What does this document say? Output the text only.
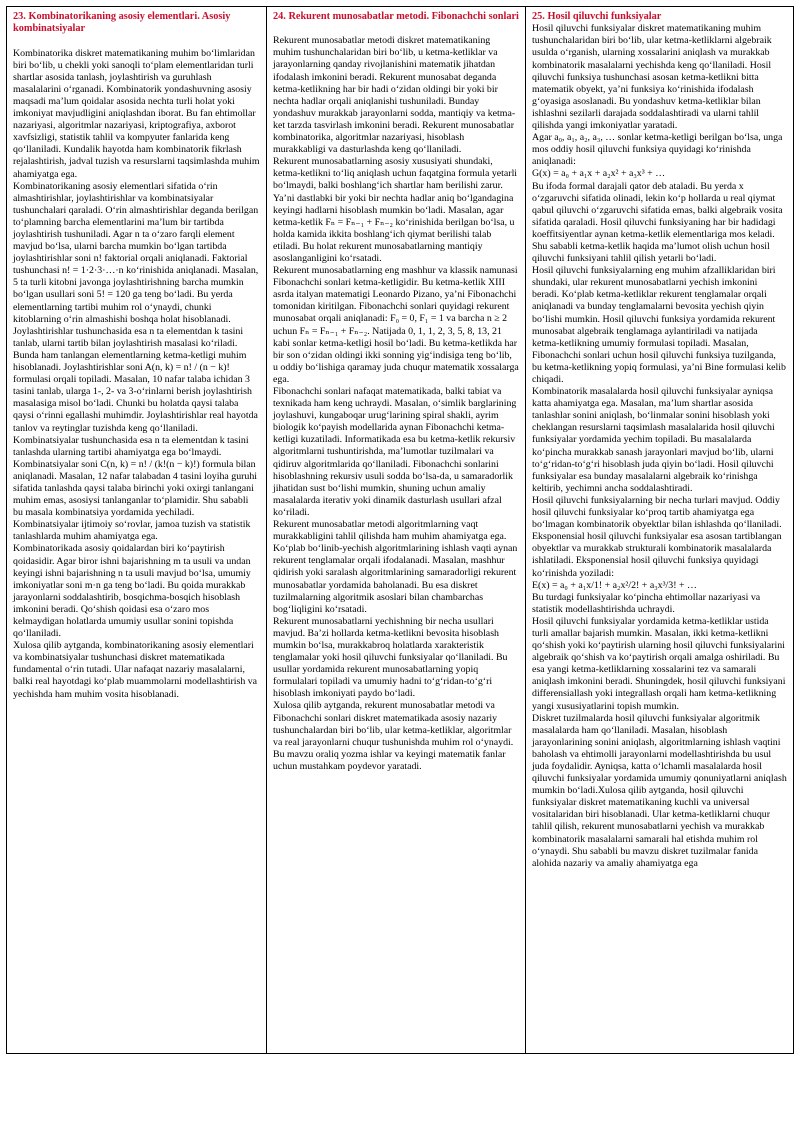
23. Kombinatorikaning asosiy elementlari. Asosiy kombinatsiyalar

Kombinatorika diskret matematikaning muhim boʻlimlaridan biri boʻlib, u chekli yoki sanoqli toʻplam elementlaridan turli shartlar asosida tanlash, joylashtirish va guruhlash masalalarini oʻrganadi. Kombinatorik yondashuvning asosiy maqsadi maʼlum qoidalar asosida nechta turli holat yoki imkoniyat mavjudligini aniqlashdan iborat. Bu fan ehtimollar nazariyasi, algoritmlar nazariyasi, kriptografiya, axborot xavfsizligi, statistik tahlil va kompyuter fanlarida keng qoʻllaniladi. Kundalik hayotda ham kombinatorik fikrlash rejalashtirish, jadval tuzish va resurslarni taqsimlashda muhim ahamiyatga ega.

Kombinatorikaning asosiy elementlari sifatida oʻrin almashtirishlar, joylashtirishlar va kombinatsiyalar tushunchalari qaraladi. Oʻrin almashtirishlar deganda berilgan toʻplamning barcha elementlarini maʼlum bir tartibda joylashtirish tushuniladi. Agar n ta oʻzaro farqli element mavjud boʻlsa, ularni barcha mumkin boʻlgan tartibda joylashtirishlar soni n! faktorial orqali aniqlanadi. Faktorial tushunchasi n! = 1·2·3·…·n koʻrinishida aniqlanadi. Masalan, 5 ta turli kitobni javonga joylashtirishning barcha mumkin boʻlgan usullari soni 5! = 120 ga teng boʻladi. Bu yerda elementlarning tartibi muhim rol oʻynaydi, chunki kitoblarning oʻrin almashishi boshqa holat hisoblanadi.

Joylashtirishlar tushunchasida esa n ta elementdan k tasini tanlab, ularni tartib bilan joylashtirish masalasi koʻriladi. Bunda ham tanlangan elementlarning ketma-ketligi muhim hisoblanadi. Joylashtirishlar soni A(n, k) = n! / (n − k)! formulasi orqali topiladi. Masalan, 10 nafar talaba ichidan 3 tasini tanlab, ularga 1-, 2- va 3-oʻrinlarni berish joylashtirish masalasiga misol boʻladi. Chunki bu holatda qaysi talaba qaysi oʻrinni egallashi muhimdir. Joylashtirishlar real hayotda tanlov va reytinglar tuzishda keng qoʻllaniladi.

Kombinatsiyalar tushunchasida esa n ta elementdan k tasini tanlashda ularning tartibi ahamiyatga ega boʻlmaydi. Kombinatsiyalar soni C(n, k) = n! / (k!(n − k)!) formula bilan aniqlanadi. Masalan, 12 nafar talabadan 4 tasini loyiha guruhi sifatida tanlashda qaysi talaba birinchi yoki oxirgi tanlangani muhim emas, asosiysi tanlanganlar toʻplamidir. Shu sababli bu masala kombinatsiya yordamida yechiladi. Kombinatsiyalar ijtimoiy soʻrovlar, jamoa tuzish va statistik tanlashlarda muhim ahamiyatga ega.

Kombinatorikada asosiy qoidalardan biri koʻpaytirish qoidasidir. Agar biror ishni bajarishning m ta usuli va undan keyingi ishni bajarishning n ta usuli mavjud boʻlsa, umumiy imkoniyatlar soni m·n ga teng boʻladi. Bu qoida murakkab jarayonlarni soddalashtirib, bosqichma-bosqich hisoblash imkonini beradi. Qoʻshish qoidasi esa oʻzaro mos kelmaydigan holatlarda umumiy usullar sonini topishda qoʻllaniladi.

Xulosa qilib aytganda, kombinatorikaning asosiy elementlari va kombinatsiyalar tushunchasi diskret matematikada fundamental oʻrin tutadi. Ular nafaqat nazariy masalalarni, balki real hayotdagi koʻplab muammolarni modellashtirish va yechishda ham muhim vosita hisoblanadi.

24. Rekurent munosabatlar metodi. Fibonachchi sonlari

Rekurent munosabatlar metodi diskret matematikaning muhim tushunchalaridan biri boʻlib, u ketma-ketliklar va jarayonlarning qanday rivojlanishini matematik jihatdan ifodalash imkonini beradi. Rekurent munosabat deganda ketma-ketlikning har bir hadi oʻzidan oldingi bir yoki bir nechta hadlar orqali aniqlanishi tushuniladi. Bunday yondashuv murakkab jarayonlarni sodda, mantiqiy va ketma-ket tarzda tasvirlash imkonini beradi. Rekurent munosabatlar kombinatorika, algoritmlar nazariyasi, hisoblash murakkabligi va dasturlashda keng qoʻllaniladi.

Rekurent munosabatlarning asosiy xususiyati shundaki, ketma-ketlikni toʻliq aniqlash uchun faqatgina formula yetarli boʻlmaydi, balki boshlangʻich shartlar ham berilishi zarur. Yaʼni dastlabki bir yoki bir nechta hadlar aniq boʻlgandagina keyingi hadlarni hisoblash mumkin boʻladi. Masalan, agar ketma-ketlik Fₙ = Fₙ₋₁ + Fₙ₋₂ koʻrinishida berilgan boʻlsa, u holda kamida ikkita boshlangʻich qiymat berilishi talab etiladi. Bu holat rekurent munosabatlarning mantiqiy asoslanganligini koʻrsatadi.

Rekurent munosabatlarning eng mashhur va klassik namunasi Fibonachchi sonlari ketma-ketligidir. Bu ketma-ketlik XIII asrda italyan matematigi Leonardo Pizano, yaʼni Fibonachchi tomonidan kiritilgan. Fibonachchi sonlari quyidagi rekurent munosabat orqali aniqlanadi: F₀ = 0, F₁ = 1 va barcha n ≥ 2 uchun Fₙ = Fₙ₋₁ + Fₙ₋₂. Natijada 0, 1, 1, 2, 3, 5, 8, 13, 21 kabi sonlar ketma-ketligi hosil boʻladi. Bu ketma-ketlikda har bir son oʻzidan oldingi ikki sonning yigʻindisiga teng boʻlib, u oddiy boʻlishiga qaramay juda chuqur matematik xossalarga ega.

Fibonachchi sonlari nafaqat matematikada, balki tabiat va texnikada ham keng uchraydi. Masalan, oʻsimlik barglarining joylashuvi, kungaboqar urugʻlarining spiral shakli, ayrim biologik koʻpayish modellarida aynan Fibonachchi ketma-ketligi kuzatiladi. Informatikada esa bu ketma-ketlik rekursiv algoritmlarni tushuntirishda, maʼlumotlar tuzilmalari va qidiruv algoritmlarida qoʻllaniladi. Fibonachchi sonlarini hisoblashning rekursiv usuli sodda boʻlsa-da, u samaradorlik jihatidan sust boʻlishi mumkin, shuning uchun amaliy masalalarda iterativ yoki dinamik dasturlash usullari afzal koʻriladi.

Rekurent munosabatlar metodi algoritmlarning vaqt murakkabligini tahlil qilishda ham muhim ahamiyatga ega. Koʻplab boʻlinib-yechish algoritmlarining ishlash vaqti aynan rekurent tenglamalar orqali ifodalanadi. Masalan, mashhur qidirish yoki saralash algoritmlarining samaradorligi rekurent munosabatlar yordamida baholanadi. Bu esa diskret tuzilmalarning algoritmik asoslari bilan chambarchas bogʻliqligini koʻrsatadi.

Rekurent munosabatlarni yechishning bir necha usullari mavjud. Baʼzi hollarda ketma-ketlikni bevosita hisoblash mumkin boʻlsa, murakkabroq holatlarda xarakteristik tenglamalar yoki hosil qiluvchi funksiyalar qoʻllaniladi. Bu usullar yordamida rekurent munosabatlarning yopiq formulalari topiladi va umumiy hadni toʻgʻridan-toʻgʻri hisoblash imkoniyati paydo boʻladi.

Xulosa qilib aytganda, rekurent munosabatlar metodi va Fibonachchi sonlari diskret matematikada asosiy nazariy tushunchalardan biri boʻlib, ular ketma-ketliklar, algoritmlar va real jarayonlarni chuqur tushunishda muhim rol oʻynaydi. Bu mavzu oraliq yozma ishlar va keyingi matematik fanlar uchun mustahkam poydevor yaratadi.

25. Hosil qiluvchi funksiyalar

Hosil qiluvchi funksiyalar diskret matematikaning muhim tushunchalaridan biri boʻlib, ular ketma-ketliklarni algebraik usulda oʻrganish, ularning xossalarini aniqlash va murakkab kombinatorik masalalarni yechishda keng qoʻllaniladi. Hosil qiluvchi funksiya tushunchasi asosan ketma-ketlikni bitta matematik obyekt, yaʼni funksiya koʻrinishida ifodalash gʻoyasiga asoslanadi. Bu yondashuv ketma-ketliklar bilan ishlashni sezilarli darajada soddalashtiradi va ularni tahlil qilishda yangi imkoniyatlar yaratadi.

Agar a₀, a₁, a₂, a₃, … sonlar ketma-ketligi berilgan boʻlsa, unga mos oddiy hosil qiluvchi funksiya quyidagi koʻrinishda aniqlanadi:

G(x) = a₀ + a₁x + a₂x² + a₃x³ + …

Bu ifoda formal darajali qator deb ataladi. Bu yerda x oʻzgaruvchi sifatida olinadi, lekin koʻp hollarda u real qiymat qabul qiluvchi oʻzgaruvchi sifatida emas, balki algebraik vosita sifatida qaraladi. Hosil qiluvchi funksiyaning har bir hadidagi koeffitsiyentlar aynan ketma-ketlik elementlariga mos keladi. Shu sababli ketma-ketlik haqida maʼlumot olish uchun hosil qiluvchi funksiyani tahlil qilish yetarli boʻladi.

Hosil qiluvchi funksiyalarning eng muhim afzalliklaridan biri shundaki, ular rekurent munosabatlarni yechish imkonini beradi. Koʻplab ketma-ketliklar rekurent tenglamalar orqali aniqlanadi va bunday tenglamalarni bevosita yechish qiyin boʻlishi mumkin. Hosil qiluvchi funksiya yordamida rekurent munosabat algebraik tenglamaga aylantiriladi va natijada ketma-ketlikning umumiy formulasi topiladi. Masalan, Fibonachchi sonlari uchun hosil qiluvchi funksiya tuzilganda, bu ketma-ketlikning yopiq formulasi, yaʼni Bine formulasi kelib chiqadi.

Kombinatorik masalalarda hosil qiluvchi funksiyalar ayniqsa katta ahamiyatga ega. Masalan, maʼlum shartlar asosida tanlashlar sonini aniqlash, boʻlinmalar sonini hisoblash yoki cheklangan resurslarni taqsimlash masalalarida hosil qiluvchi funksiyalar yordamida yechim topiladi. Bu masalalarda koʻpincha murakkab sanash jarayonlari mavjud boʻlib, ularni toʻgʻridan-toʻgʻri hisoblash juda qiyin boʻladi. Hosil qiluvchi funksiyalar esa bunday masalalarni algebraik koʻrinishga keltirib, yechimni ancha soddalashtiradi.

Hosil qiluvchi funksiyalarning bir necha turlari mavjud. Oddiy hosil qiluvchi funksiyalar koʻproq tartib ahamiyatga ega boʻlmagan kombinatorik obyektlar bilan ishlashda qoʻllaniladi. Eksponensial hosil qiluvchi funksiyalar esa asosan tartiblangan obyektlar va murakkab strukturali kombinatorik masalalarda ishlatiladi. Eksponensial hosil qiluvchi funksiya quyidagi koʻrinishda yoziladi:

E(x) = a₀ + a₁x/1! + a₂x²/2! + a₃x³/3! + …

Bu turdagi funksiyalar koʻpincha ehtimollar nazariyasi va statistik modellashtirishda uchraydi.

Hosil qiluvchi funksiyalar yordamida ketma-ketliklar ustida turli amallar bajarish mumkin. Masalan, ikki ketma-ketlikni qoʻshish yoki koʻpaytirish ularning hosil qiluvchi funksiyalarini algebraik qoʻshish va koʻpaytirish orqali amalga oshiriladi. Bu esa yangi ketma-ketliklarning xossalarini tez va samarali aniqlash imkonini beradi. Shuningdek, hosil qiluvchi funksiyani differensiallash yoki integrallash orqali ham ketma-ketlikning yangi xususiyatlarini topish mumkin.

Diskret tuzilmalarda hosil qiluvchi funksiyalar algoritmik masalalarda ham qoʻllaniladi. Masalan, hisoblash jarayonlarining sonini aniqlash, algoritmlarning ishlash vaqtini baholash va ehtimolli jarayonlarni modellashtirishda bu usul juda foydalidir. Ayniqsa, katta oʻlchamli masalalarda hosil qiluvchi funksiyalar yordamida umumiy qonuniyatlarni aniqlash mumkin boʻladi.Xulosa qilib aytganda, hosil qiluvchi funksiyalar diskret matematikaning kuchli va universal vositalaridan biri hisoblanadi. Ular ketma-ketliklarni chuqur tahlil qilish, rekurent munosabatlarni yechish va murakkab kombinatorik masalalarni samarali hal etishda muhim rol oʻynaydi. Shu sababli bu mavzu diskret tuzilmalar fanida alohida nazariy va amaliy ahamiyatga ega
